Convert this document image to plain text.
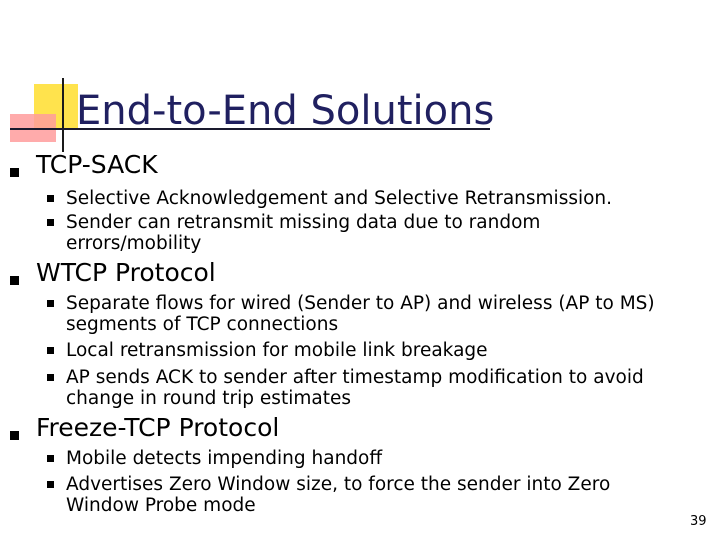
End-to-End Solutions
TCP-SACK
Selective Acknowledgement and Selective Retransmission.
Sender can retransmit missing data due to random errors/mobility
WTCP Protocol
Separate flows for wired (Sender to AP) and wireless (AP to MS) segments of TCP connections
Local retransmission for mobile link breakage
AP sends ACK to sender after timestamp modification to avoid change in round trip estimates
Freeze-TCP Protocol
Mobile detects impending handoff
Advertises Zero Window size, to force the sender into Zero Window Probe mode
39
